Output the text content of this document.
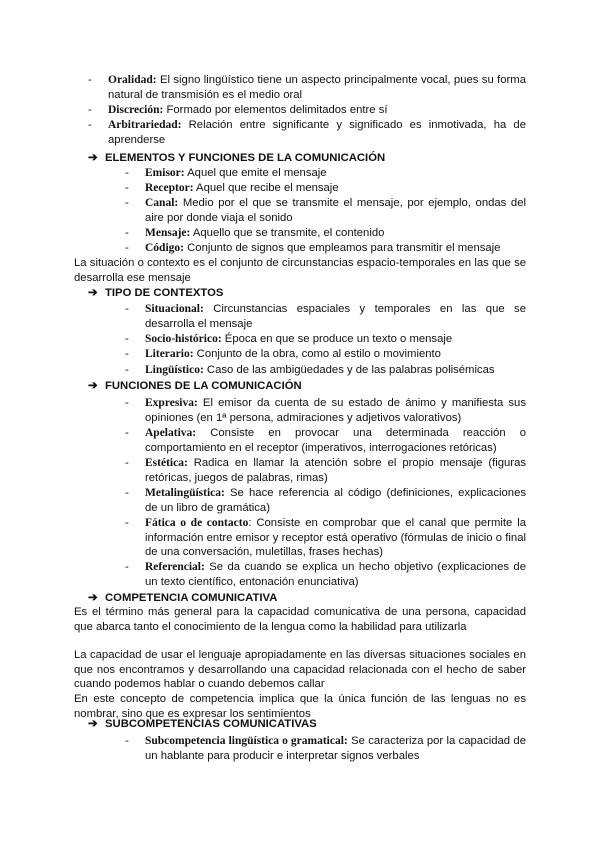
- Oralidad: El signo lingüístico tiene un aspecto principalmente vocal, pues su forma natural de transmisión es el medio oral
- Discreción: Formado por elementos delimitados entre sí
- Arbitrariedad: Relación entre significante y significado es inmotivada, ha de aprenderse
➔ ELEMENTOS Y FUNCIONES DE LA COMUNICACIÓN
- Emisor: Aquel que emite el mensaje
- Receptor: Aquel que recibe el mensaje
- Canal: Medio por el que se transmite el mensaje, por ejemplo, ondas del aire por donde viaja el sonido
- Mensaje: Aquello que se transmite, el contenido
- Código: Conjunto de signos que empleamos para transmitir el mensaje
La situación o contexto es el conjunto de circunstancias espacio-temporales en las que se desarrolla ese mensaje
➔ TIPO DE CONTEXTOS
- Situacional: Circunstancias espaciales y temporales en las que se desarrolla el mensaje
- Socio-histórico: Época en que se produce un texto o mensaje
- Literario: Conjunto de la obra, como al estilo o movimiento
- Lingüístico: Caso de las ambigüedades y de las palabras polisémicas
➔ FUNCIONES DE LA COMUNICACIÓN
- Expresiva: El emisor da cuenta de su estado de ánimo y manifiesta sus opiniones (en 1ª persona, admiraciones y adjetivos valorativos)
- Apelativa: Consiste en provocar una determinada reacción o comportamiento en el receptor (imperativos, interrogaciones retóricas)
- Estética: Radica en llamar la atención sobre el propio mensaje (figuras retóricas, juegos de palabras, rimas)
- Metalingüística: Se hace referencia al código (definiciones, explicaciones de un libro de gramática)
- Fática o de contacto: Consiste en comprobar que el canal que permite la información entre emisor y receptor está operativo (fórmulas de inicio o final de una conversación, muletillas, frases hechas)
- Referencial: Se da cuando se explica un hecho objetivo (explicaciones de un texto científico, entonación enunciativa)
➔ COMPETENCIA COMUNICATIVA
Es el término más general para la capacidad comunicativa de una persona, capacidad que abarca tanto el conocimiento de la lengua como la habilidad para utilizarla
La capacidad de usar el lenguaje apropiadamente en las diversas situaciones sociales en que nos encontramos y desarrollando una capacidad relacionada con el hecho de saber cuando podemos hablar o cuando debemos callar
En este concepto de competencia implica que la única función de las lenguas no es nombrar, sino que es expresar los sentimientos
➔ SUBCOMPETENCIAS COMUNICATIVAS
- Subcompetencia lingüística o gramatical: Se caracteriza por la capacidad de un hablante para producir e interpretar signos verbales
